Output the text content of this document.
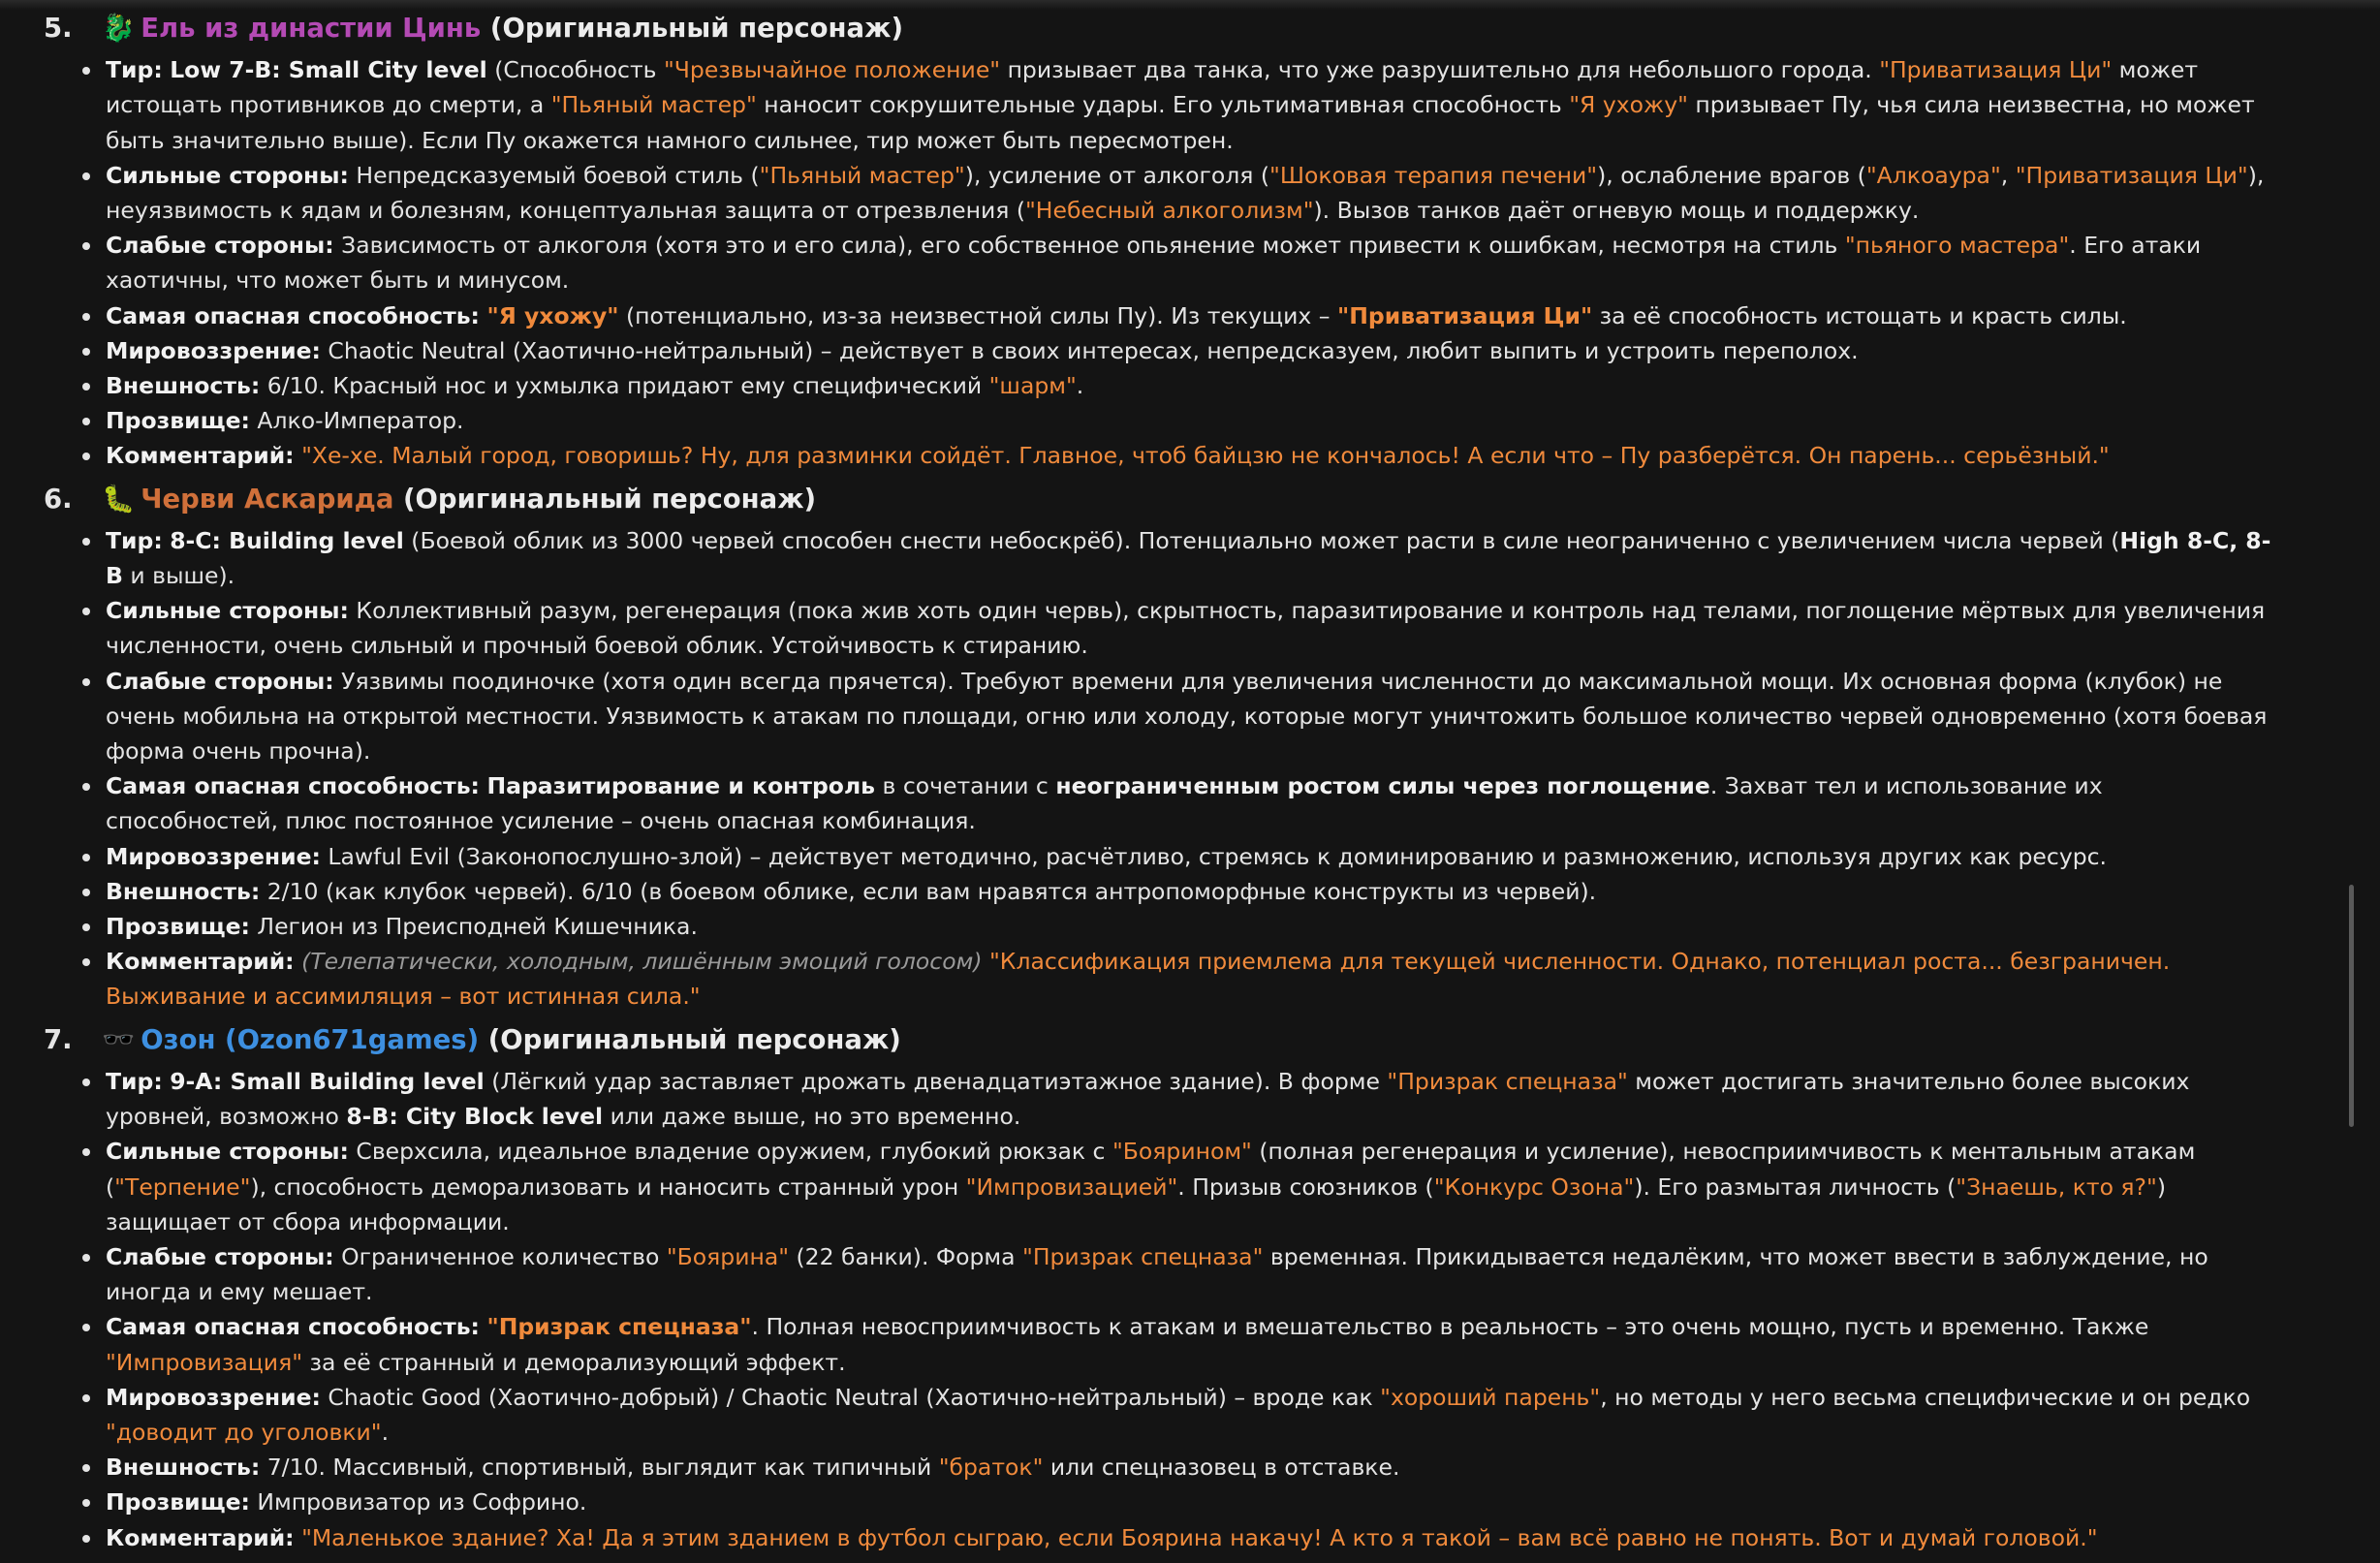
5. 🐉 Ель из династии Цинь (Оригинальный персонаж)
Тир: Low 7-B: Small City level (Способность "Чрезвычайное положение" призывает два танка, что уже разрушительно для небольшого города. "Приватизация Ци" может истощать противников до смерти, а "Пьяный мастер" наносит сокрушительные удары. Его ультимативная способность "Я ухожу" призывает Пу, чья сила неизвестна, но может быть значительно выше). Если Пу окажется намного сильнее, тир может быть пересмотрен.
Сильные стороны: Непредсказуемый боевой стиль ("Пьяный мастер"), усиление от алкоголя ("Шоковая терапия печени"), ослабление врагов ("Алкоаура", "Приватизация Ци"), неуязвимость к ядам и болезням, концептуальная защита от отрезвления ("Небесный алкоголизм"). Вызов танков даёт огневую мощь и поддержку.
Слабые стороны: Зависимость от алкоголя (хотя это и его сила), его собственное опьянение может привести к ошибкам, несмотря на стиль "пьяного мастера". Его атаки хаотичны, что может быть и минусом.
Самая опасная способность: "Я ухожу" (потенциально, из-за неизвестной силы Пу). Из текущих – "Приватизация Ци" за её способность истощать и красть силы.
Мировоззрение: Chaotic Neutral (Хаотично-нейтральный) – действует в своих интересах, непредсказуем, любит выпить и устроить переполох.
Внешность: 6/10. Красный нос и ухмылка придают ему специфический "шарм".
Прозвище: Алко-Император.
Комментарий: "Хе-хе. Малый город, говоришь? Ну, для разминки сойдёт. Главное, чтоб байцзю не кончалось! А если что – Пу разберётся. Он парень... серьёзный."
6. 🐛 Черви Аскарида (Оригинальный персонаж)
Тир: 8-C: Building level (Боевой облик из 3000 червей способен снести небоскрёб). Потенциально может расти в силе неограниченно с увеличением числа червей (High 8-C, 8-B и выше).
Сильные стороны: Коллективный разум, регенерация (пока жив хоть один червь), скрытность, паразитирование и контроль над телами, поглощение мёртвых для увеличения численности, очень сильный и прочный боевой облик. Устойчивость к стиранию.
Слабые стороны: Уязвимы поодиночке (хотя один всегда прячется). Требуют времени для увеличения численности до максимальной мощи. Их основная форма (клубок) не очень мобильна на открытой местности. Уязвимость к атакам по площади, огню или холоду, которые могут уничтожить большое количество червей одновременно (хотя боевая форма очень прочна).
Самая опасная способность: Паразитирование и контроль в сочетании с неограниченным ростом силы через поглощение. Захват тел и использование их способностей, плюс постоянное усиление – очень опасная комбинация.
Мировоззрение: Lawful Evil (Законопослушно-злой) – действует методично, расчётливо, стремясь к доминированию и размножению, используя других как ресурс.
Внешность: 2/10 (как клубок червей). 6/10 (в боевом облике, если вам нравятся антропоморфные конструкты из червей).
Прозвище: Легион из Преисподней Кишечника.
Комментарий: (Телепатически, холодным, лишённым эмоций голосом) "Классификация приемлема для текущей численности. Однако, потенциал роста... безграничен. Выживание и ассимиляция – вот истинная сила."
7. 🕶️ Озон (Ozon671games) (Оригинальный персонаж)
Тир: 9-A: Small Building level (Лёгкий удар заставляет дрожать двенадцатиэтажное здание). В форме "Призрак спецназа" может достигать значительно более высоких уровней, возможно 8-B: City Block level или даже выше, но это временно.
Сильные стороны: Сверхсила, идеальное владение оружием, глубокий рюкзак с "Боярином" (полная регенерация и усиление), невосприимчивость к ментальным атакам ("Терпение"), способность деморализовать и наносить странный урон "Импровизацией". Призыв союзников ("Конкурс Озона"). Его размытая личность ("Знаешь, кто я?") защищает от сбора информации.
Слабые стороны: Ограниченное количество "Боярина" (22 банки). Форма "Призрак спецназа" временная. Прикидывается недалёким, что может ввести в заблуждение, но иногда и ему мешает.
Самая опасная способность: "Призрак спецназа". Полная невосприимчивость к атакам и вмешательство в реальность – это очень мощно, пусть и временно. Также "Импровизация" за её странный и деморализующий эффект.
Мировоззрение: Chaotic Good (Хаотично-добрый) / Chaotic Neutral (Хаотично-нейтральный) – вроде как "хороший парень", но методы у него весьма специфические и он редко "доводит до уголовки".
Внешность: 7/10. Массивный, спортивный, выглядит как типичный "браток" или спецназовец в отставке.
Прозвище: Импровизатор из Софрино.
Комментарий: "Маленькое здание? Ха! Да я этим зданием в футбол сыграю, если Боярина накачу! А кто я такой – вам всё равно не понять. Вот и думай головой."
